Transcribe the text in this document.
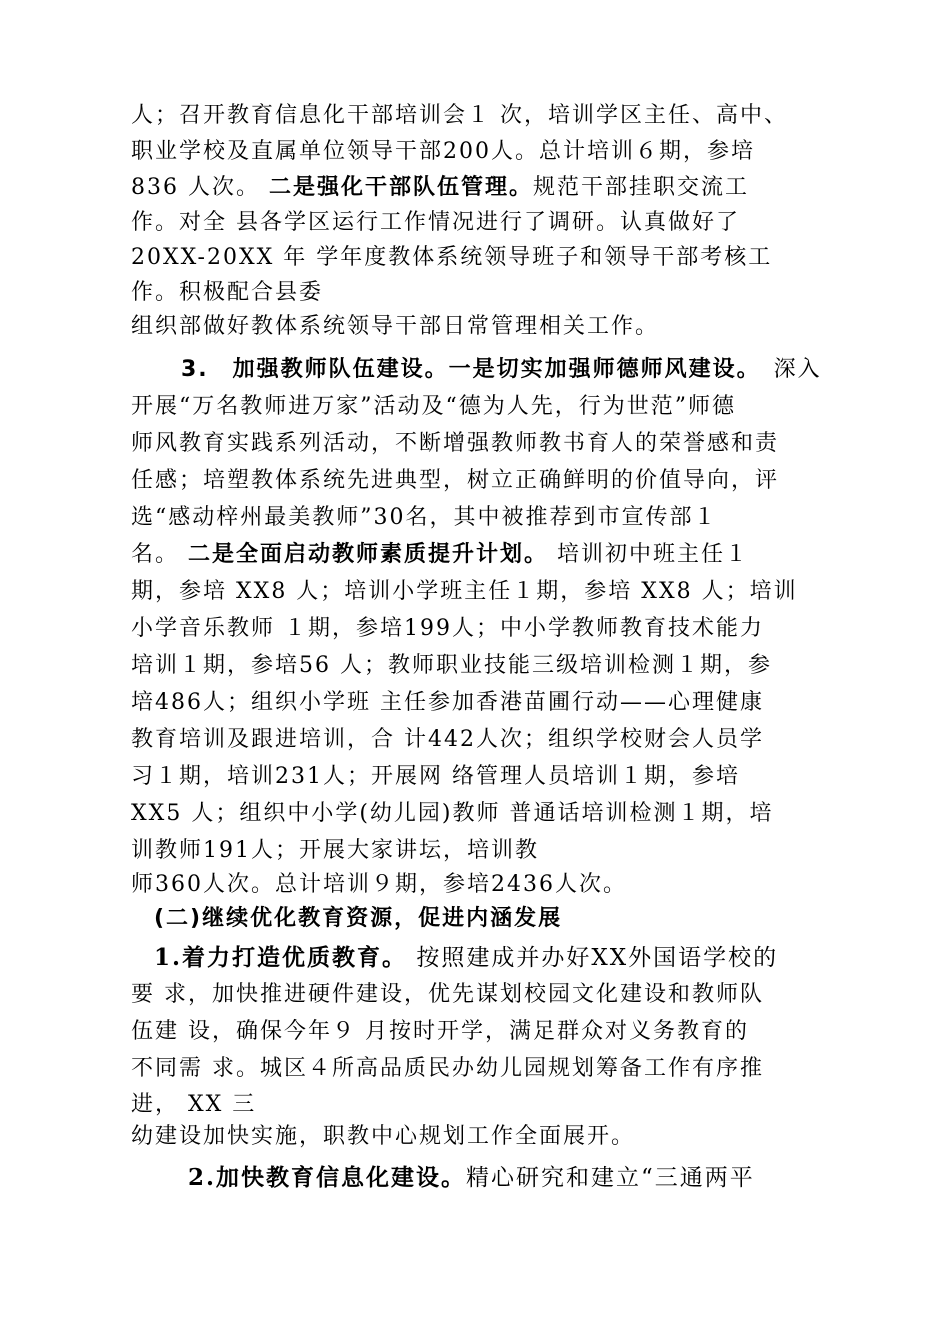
人；召开教育信息化干部培训会１ 次，培训学区主任、高中、
职业学校及直属单位领导干部200人。总计培训６期，参培
836 人次。 二是强化干部队伍管理。规范干部挂职交流工
作。对全 县各学区运行工作情况进行了调研。认真做好了
20XX-20XX 年 学年度教体系统领导班子和领导干部考核工
作。积极配合县委
组织部做好教体系统领导干部日常管理相关工作。
3.　加强教师队伍建设。一是切实加强师德师风建设。　深入
开展“万名教师进万家”活动及“德为人先，行为世范”师德
师风教育实践系列活动，不断增强教师教书育人的荣誉感和责
任感；培塑教体系统先进典型，树立正确鲜明的价值导向，评
选“感动梓州最美教师”30名，其中被推荐到市宣传部１
名。 二是全面启动教师素质提升计划。 培训初中班主任１
期，参培 XX8 人；培训小学班主任１期，参培 XX8 人；培训
小学音乐教师 １期，参培199人；中小学教师教育技术能力
培训１期，参培56 人；教师职业技能三级培训检测１期，参
培486人；组织小学班 主任参加香港苗圃行动——心理健康
教育培训及跟进培训，合 计442人次；组织学校财会人员学
习１期，培训231人；开展网 络管理人员培训１期，参培
XX5 人；组织中小学(幼儿园)教师 普通话培训检测１期，培
训教师191人；开展大家讲坛，培训教
师360人次。总计培训９期，参培2436人次。
(二)继续优化教育资源，促进内涵发展
1.着力打造优质教育。 按照建成并办好XX外国语学校的
要 求，加快推进硬件建设，优先谋划校园文化建设和教师队
伍建 设，确保今年９ 月按时开学，满足群众对义务教育的
不同需 求。城区４所高品质民办幼儿园规划筹备工作有序推
进， XX 三
幼建设加快实施，职教中心规划工作全面展开。
2.加快教育信息化建设。精心研究和建立“三通两平
